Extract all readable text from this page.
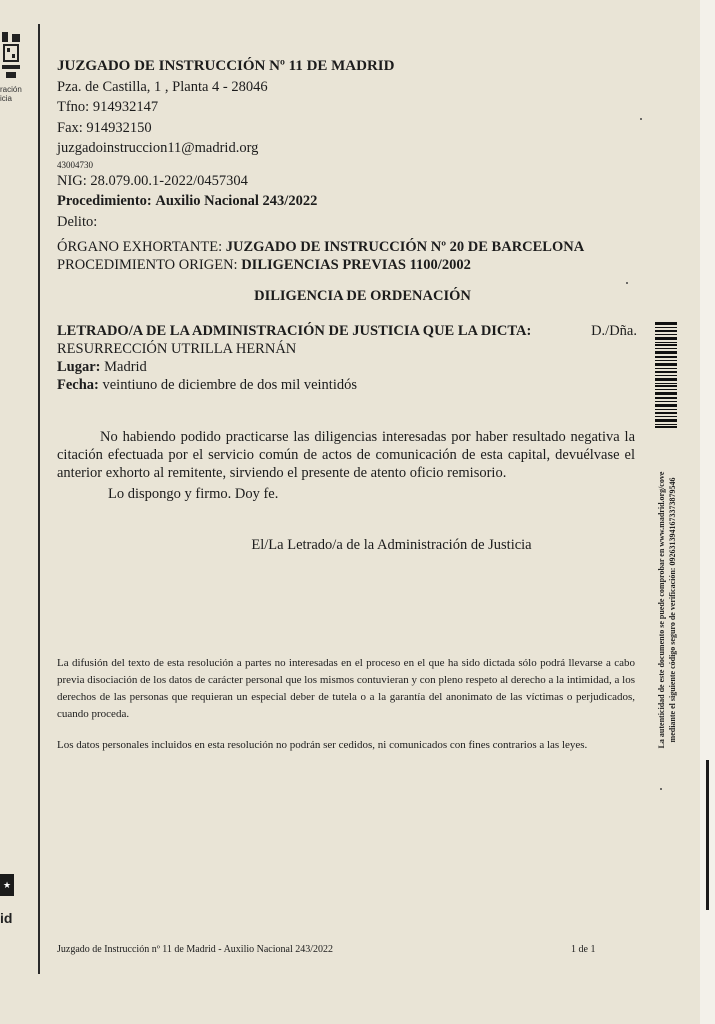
ración
icia
★
id
JUZGADO DE INSTRUCCIÓN Nº 11 DE MADRID
Pza. de Castilla, 1 , Planta 4 - 28046
Tfno: 914932147
Fax: 914932150
juzgadoinstruccion11@madrid.org
43004730
NIG: 28.079.00.1-2022/0457304
Procedimiento: Auxilio Nacional 243/2022
Delito:
ÓRGANO EXHORTANTE: JUZGADO DE INSTRUCCIÓN Nº 20 DE BARCELONA
PROCEDIMIENTO ORIGEN: DILIGENCIAS PREVIAS 1100/2002
DILIGENCIA DE ORDENACIÓN
LETRADO/A DE LA ADMINISTRACIÓN DE JUSTICIA QUE LA DICTA:	D./Dña.
RESURRECCIÓN UTRILLA HERNÁN
Lugar: Madrid
Fecha: veintiuno de diciembre de dos mil veintidós

No habiendo podido practicarse las diligencias interesadas por haber resultado negativa la citación efectuada por el servicio común de actos de comunicación de esta capital, devuélvase el anterior exhorto al remitente, sirviendo el presente de atento oficio remisorio.

Lo dispongo y firmo. Doy fe.

El/La Letrado/a de la Administración de Justicia
La difusión del texto de esta resolución a partes no interesadas en el proceso en el que ha sido dictada sólo podrá llevarse a cabo previa disociación de los datos de carácter personal que los mismos contuvieran y con pleno respeto al derecho a la intimidad, a los derechos de las personas que requieran un especial deber de tutela o a la garantía del anonimato de las víctimas o perjudicados, cuando proceda.
Los datos personales incluidos en esta resolución no podrán ser cedidos, ni comunicados con fines contrarios a las leyes.	La autenticidad de este documento se puede comprobar en www.madrid.org/cove mediante el siguiente código seguro de verificación: 0926313941673373879546
Juzgado de Instrucción nº 11 de Madrid - Auxilio Nacional 243/2022	1 de 1
